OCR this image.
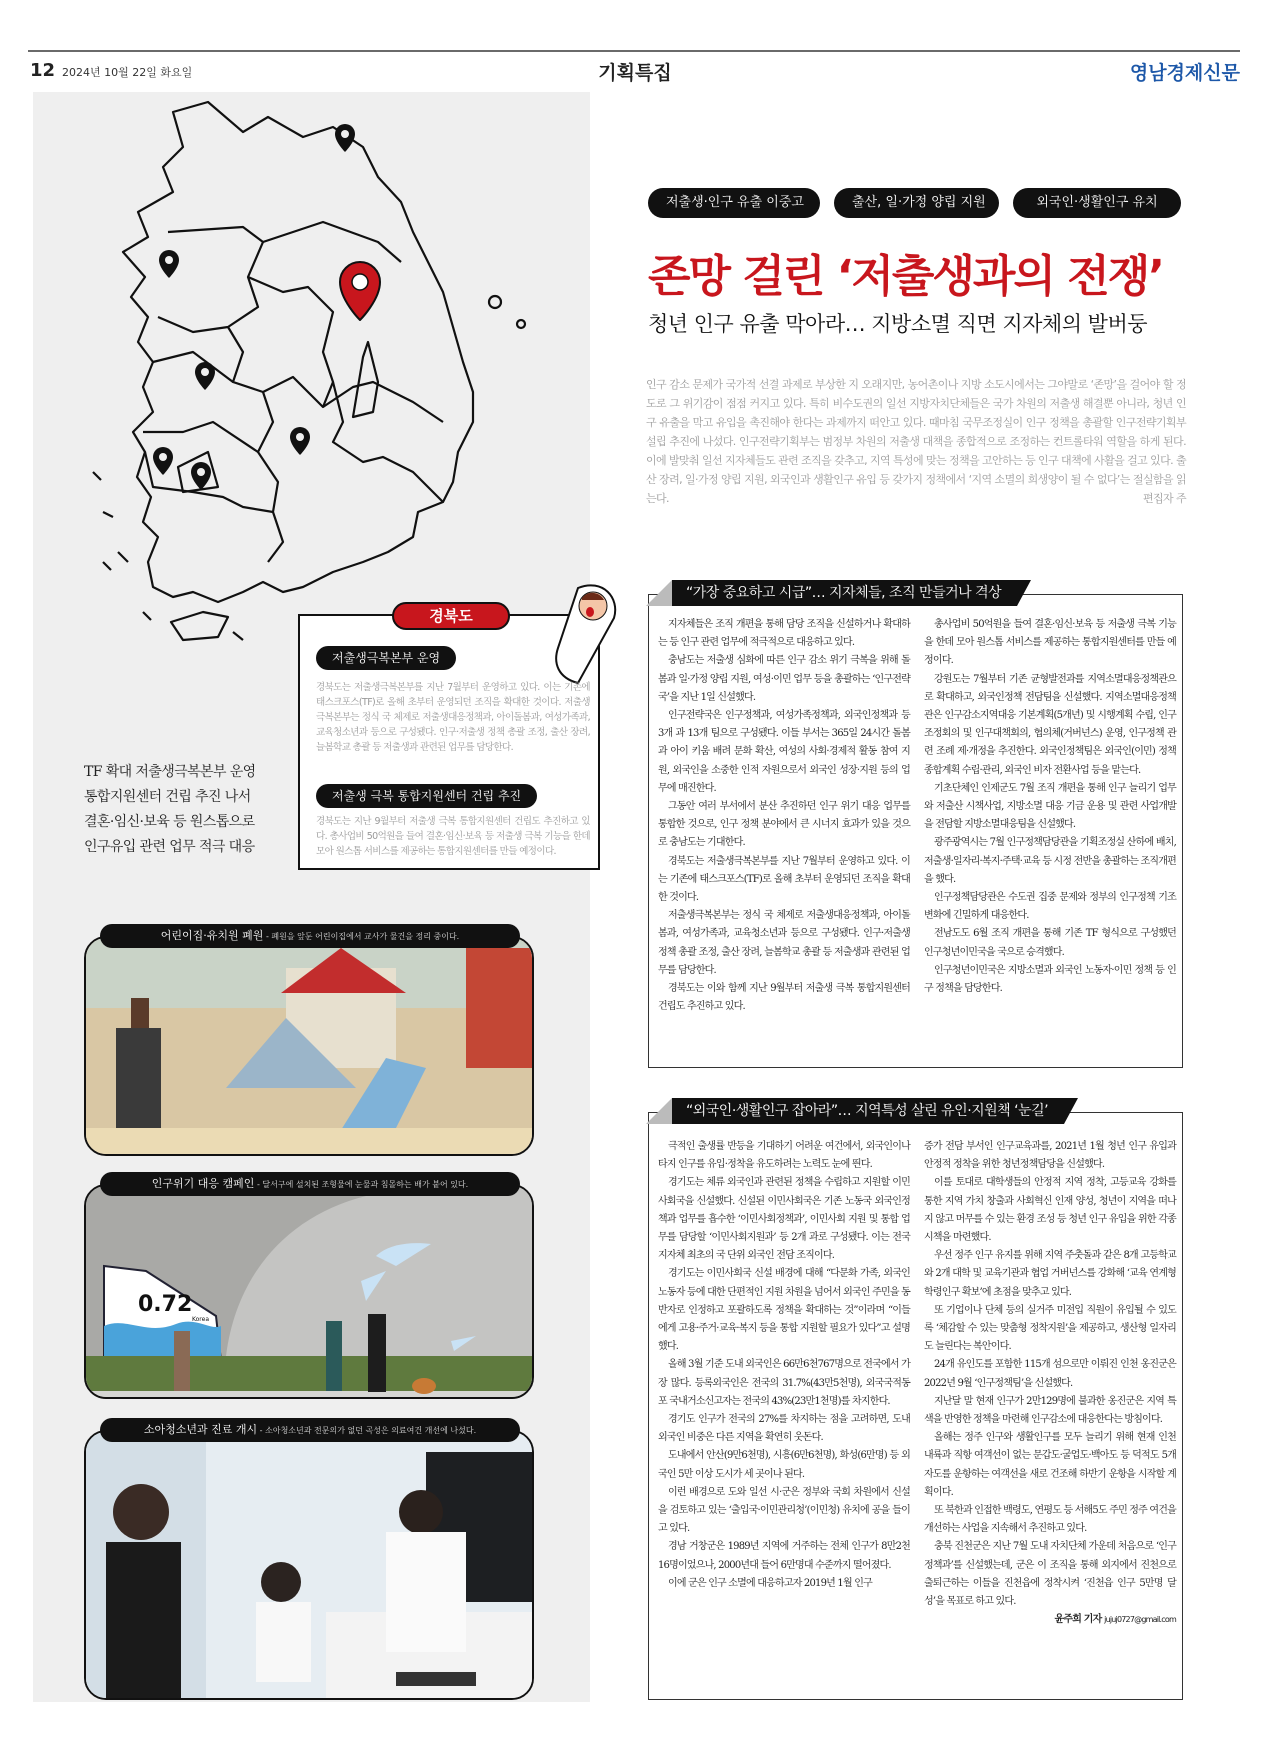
12 2024년 10월 22일 화요일	기획특집	영남경제신문
저출생·인구 유출 이중고	출산, 일·가정 양립 지원	외국인·생활인구 유치
존망 걸린 ‘저출생과의 전쟁’
청년 인구 유출 막아라… 지방소멸 직면 지자체의 발버둥
인구 감소 문제가 국가적 선결 과제로 부상한 지 오래지만, 농어촌이나 지방 소도시에서는 그야말로 ‘존망’을 걸어야 할 정도로 그 위기감이 점점 커지고 있다. 특히 비수도권의 일선 지방자치단체들은 국가 차원의 저출생 해결뿐 아니라, 청년 인구 유출을 막고 유입을 촉진해야 한다는 과제까지 떠안고 있다. 때마침 국무조정실이 인구 정책을 총괄할 인구전략기획부 설립 추진에 나섰다. 인구전략기획부는 범정부 차원의 저출생 대책을 종합적으로 조정하는 컨트롤타워 역할을 하게 된다. 이에 발맞춰 일선 지자체들도 관련 조직을 갖추고, 지역 특성에 맞는 정책을 고안하는 등 인구 대책에 사활을 걸고 있다. 출산 장려, 일·가정 양립 지원, 외국인과 생활인구 유입 등 갖가지 정책에서 ‘지역 소멸의 희생양이 될 수 없다’는 절실함을 읽는다.	편집자 주
경북도
저출생극복본부 운영
경북도는 저출생극복본부를 지난 7월부터 운영하고 있다. 이는 기존에 태스크포스(TF)로 올해 초부터 운영되던 조직을 확대한 것이다. 저출생극복본부는 정식 국 체제로 저출생대응정책과, 아이돌봄과, 여성가족과, 교육청소년과 등으로 구성됐다. 인구·저출생 정책 총괄 조정, 출산 장려, 늘봄학교 총괄 등 저출생과 관련된 업무를 담당한다.
저출생 극복 통합지원센터 건립 추진
경북도는 지난 9월부터 저출생 극복 통합지원센터 건립도 추진하고 있다. 총사업비 50억원을 들여 결혼·임신·보육 등 저출생 극복 기능을 한데 모아 원스톱 서비스를 제공하는 통합지원센터를 만들 예정이다.
TF 확대 저출생극복본부 운영
통합지원센터 건립 추진 나서
결혼·임신·보육 등 원스톱으로
인구유입 관련 업무 적극 대응
어린이집·유치원 폐원 - 폐원을 앞둔 어린이집에서 교사가 물건을 정리 중이다.
인구위기 대응 캠페인 - 달서구에 설치된 조형물에 눈물과 침몰하는 배가 붙어 있다.
0.72
Korea
소아청소년과 진료 개시 - 소아청소년과 전문의가 없던 곡성은 의료여건 개선에 나섰다.
“가장 중요하고 시급”… 지자체들, 조직 만들거나 격상

지자체들은 조직 개편을 통해 담당 조직을 신설하거나 확대하는 등 인구 관련 업무에 적극적으로 대응하고 있다.

충남도는 저출생 심화에 따른 인구 감소 위기 극복을 위해 돌봄과 일·가정 양립 지원, 여성·이민 업무 등을 총괄하는 ‘인구전략국’을 지난 1일 신설했다.

인구전략국은 인구정책과, 여성가족정책과, 외국인정책과 등 3개 과 13개 팀으로 구성됐다. 이들 부서는 365일 24시간 돌봄과 아이 키움 배려 문화 확산, 여성의 사회·경제적 활동 참여 지원, 외국인을 소중한 인적 자원으로서 외국인 성장·지원 등의 업무에 매진한다.

그동안 여러 부서에서 분산 추진하던 인구 위기 대응 업무를 통합한 것으로, 인구 정책 분야에서 큰 시너지 효과가 있을 것으로 충남도는 기대한다.

경북도는 저출생극복본부를 지난 7월부터 운영하고 있다. 이는 기존에 태스크포스(TF)로 올해 초부터 운영되던 조직을 확대한 것이다.

저출생극복본부는 정식 국 체제로 저출생대응정책과, 아이돌봄과, 여성가족과, 교육청소년과 등으로 구성됐다. 인구·저출생 정책 총괄 조정, 출산 장려, 늘봄학교 총괄 등 저출생과 관련된 업무를 담당한다.

경북도는 이와 함께 지난 9월부터 저출생 극복 통합지원센터 건립도 추진하고 있다.

총사업비 50억원을 들여 결혼·임신·보육 등 저출생 극복 기능을 한데 모아 원스톱 서비스를 제공하는 통합지원센터를 만들 예정이다.

강원도는 7월부터 기존 균형발전과를 지역소멸대응정책관으로 확대하고, 외국인정책 전담팀을 신설했다. 지역소멸대응정책관은 인구감소지역대응 기본계획(5개년) 및 시행계획 수립, 인구조정회의 및 인구대책회의, 협의체(거버넌스) 운영, 인구정책 관련 조례 제·개정을 추진한다. 외국인정책팀은 외국인(이민) 정책 종합계획 수립·관리, 외국인 비자 전환사업 등을 맡는다.

기초단체인 인제군도 7월 조직 개편을 통해 인구 늘리기 업무와 저출산 시책사업, 지방소멸 대응 기금 운용 및 관련 사업개발을 전담할 지방소멸대응팀을 신설했다.

광주광역시는 7월 인구정책담당관을 기획조정실 산하에 배치, 저출생·일자리·복지·주택·교육 등 시정 전반을 총괄하는 조직개편을 했다.

인구정책담당관은 수도권 집중 문제와 정부의 인구정책 기조 변화에 긴밀하게 대응한다.

전남도도 6월 조직 개편을 통해 기존 TF 형식으로 구성했던 인구청년이민국을 국으로 승격했다.

인구청년이민국은 지방소멸과 외국인 노동자·이민 정책 등 인구 정책을 담당한다.

“외국인·생활인구 잡아라”… 지역특성 살린 유인·지원책 ‘눈길’

극적인 출생률 반등을 기대하기 어려운 여건에서, 외국인이나 타지 인구를 유입·정착을 유도하려는 노력도 눈에 띈다.

경기도는 체류 외국인과 관련된 정책을 수립하고 지원할 이민사회국을 신설했다. 신설된 이민사회국은 기존 노동국 외국인정책과 업무를 흡수한 ‘이민사회정책과’, 이민사회 지원 및 통합 업무를 담당할 ‘이민사회지원과’ 등 2개 과로 구성됐다. 이는 전국 지자체 최초의 국 단위 외국인 전담 조직이다.

경기도는 이민사회국 신설 배경에 대해 “다문화 가족, 외국인 노동자 등에 대한 단편적인 지원 차원을 넘어서 외국인 주민을 동반자로 인정하고 포괄하도록 정책을 확대하는 것”이라며 “이들에게 고용·주거·교육·복지 등을 통합 지원할 필요가 있다”고 설명했다.

올해 3월 기준 도내 외국인은 66만6천767명으로 전국에서 가장 많다. 등록외국인은 전국의 31.7%(43만5천명), 외국국적동포 국내거소신고자는 전국의 43%(23만1천명)를 차지한다.

경기도 인구가 전국의 27%를 차지하는 점을 고려하면, 도내 외국인 비중은 다른 지역을 확연히 웃돈다.

도내에서 안산(9만6천명), 시흥(6만6천명), 화성(6만명) 등 외국인 5만 이상 도시가 세 곳이나 된다.

이런 배경으로 도와 일선 시·군은 정부와 국회 차원에서 신설을 검토하고 있는 ‘출입국·이민관리청’(이민청) 유치에 공을 들이고 있다.

경남 거창군은 1989년 지역에 거주하는 전체 인구가 8만2천16명이었으나, 2000년대 들어 6만명대 수준까지 떨어졌다.

이에 군은 인구 소멸에 대응하고자 2019년 1월 인구

증가 전담 부서인 인구교육과를, 2021년 1월 청년 인구 유입과 안정적 정착을 위한 청년정책담당을 신설했다.

이를 토대로 대학생들의 안정적 지역 정착, 고등교육 강화를 통한 지역 가치 창출과 사회혁신 인재 양성, 청년이 지역을 떠나지 않고 머무를 수 있는 환경 조성 등 청년 인구 유입을 위한 각종 시책을 마련했다.

우선 정주 인구 유지를 위해 지역 주춧돌과 같은 8개 고등학교와 2개 대학 및 교육기관과 협업 거버넌스를 강화해 ‘교육 연계형 학령인구 확보’에 초점을 맞추고 있다.

또 기업이나 단체 등의 실거주 미전입 직원이 유입될 수 있도록 ‘체감할 수 있는 맞춤형 정착지원’을 제공하고, 생산형 일자리도 늘린다는 복안이다.

24개 유인도를 포함한 115개 섬으로만 이뤄진 인천 옹진군은 2022년 9월 ‘인구정책팀’을 신설했다.

지난달 말 현재 인구가 2만129명에 불과한 옹진군은 지역 특색을 반영한 정책을 마련해 인구감소에 대응한다는 방침이다.

올해는 정주 인구와 생활인구를 모두 늘리기 위해 현재 인천 내륙과 직항 여객선이 없는 문갑도·굴업도·백아도 등 덕적도 5개 자도를 운항하는 여객선을 새로 건조해 하반기 운항을 시작할 계획이다.

또 북한과 인접한 백령도, 연평도 등 서해5도 주민 정주 여건을 개선하는 사업을 지속해서 추진하고 있다.

충북 진천군은 지난 7월 도내 자치단체 가운데 처음으로 ‘인구정책과’를 신설했는데, 군은 이 조직을 통해 외지에서 진천으로 출퇴근하는 이들을 진천읍에 정착시켜 ‘진천읍 인구 5만명 달성’을 목표로 하고 있다.

윤주희 기자 jujuj0727@gmail.com
